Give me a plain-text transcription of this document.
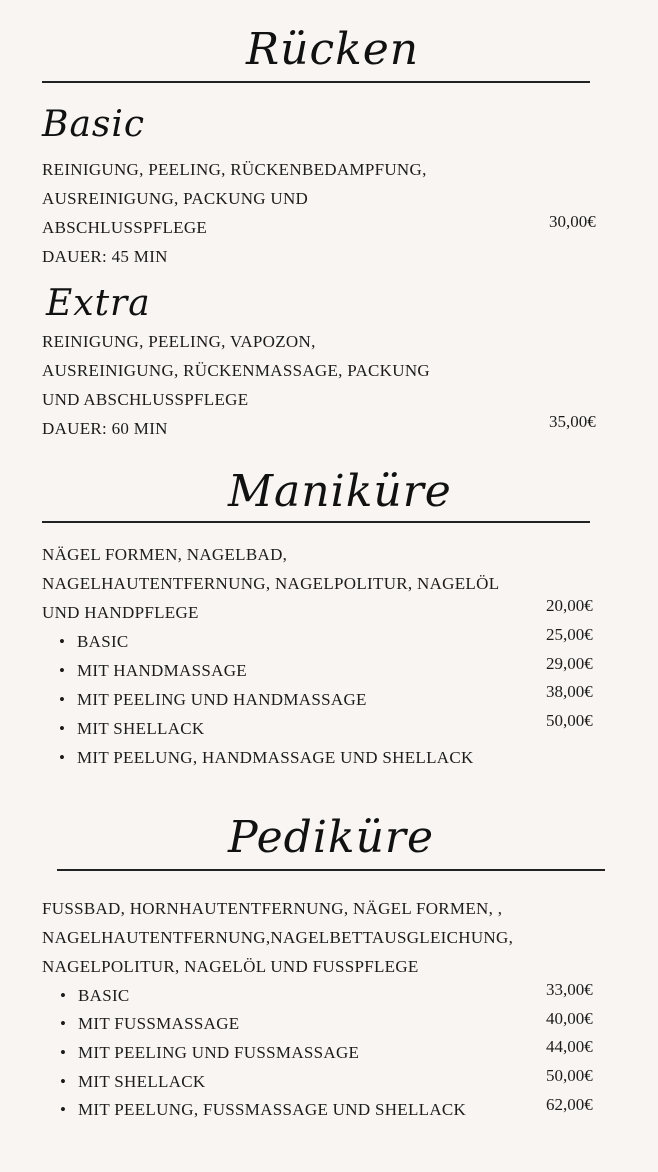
Rücken
Basic
REINIGUNG, PEELING, RÜCKENBEDAMPFUNG,
AUSREINIGUNG, PACKUNG UND
ABSCHLUSSPFLEGE
DAUER: 45 MIN
30,00€
Extra
REINIGUNG, PEELING, VAPOZON,
AUSREINIGUNG, RÜCKENMASSAGE, PACKUNG
UND ABSCHLUSSPFLEGE
DAUER: 60 MIN	35,00€
Maniküre
NÄGEL FORMEN, NAGELBAD,
NAGELHAUTENTFERNUNG, NAGELPOLITUR, NAGELÖL
UND HANDPFLEGE
• BASIC
• MIT HANDMASSAGE
• MIT PEELING UND HANDMASSAGE
• MIT SHELLACK
• MIT PEELUNG, HANDMASSAGE UND SHELLACK
20,00€
25,00€
29,00€
38,00€
50,00€
Pediküre
FUSSBAD, HORNHAUTENTFERNUNG, NÄGEL FORMEN, ,
NAGELHAUTENTFERNUNG,NAGELBETTAUSGLEICHUNG,
NAGELPOLITUR, NAGELÖL UND FUSSPFLEGE
• BASIC
• MIT FUSSMASSAGE
• MIT PEELING UND FUSSMASSAGE
• MIT SHELLACK
• MIT PEELUNG, FUSSMASSAGE UND SHELLACK
33,00€
40,00€
44,00€
50,00€
62,00€
